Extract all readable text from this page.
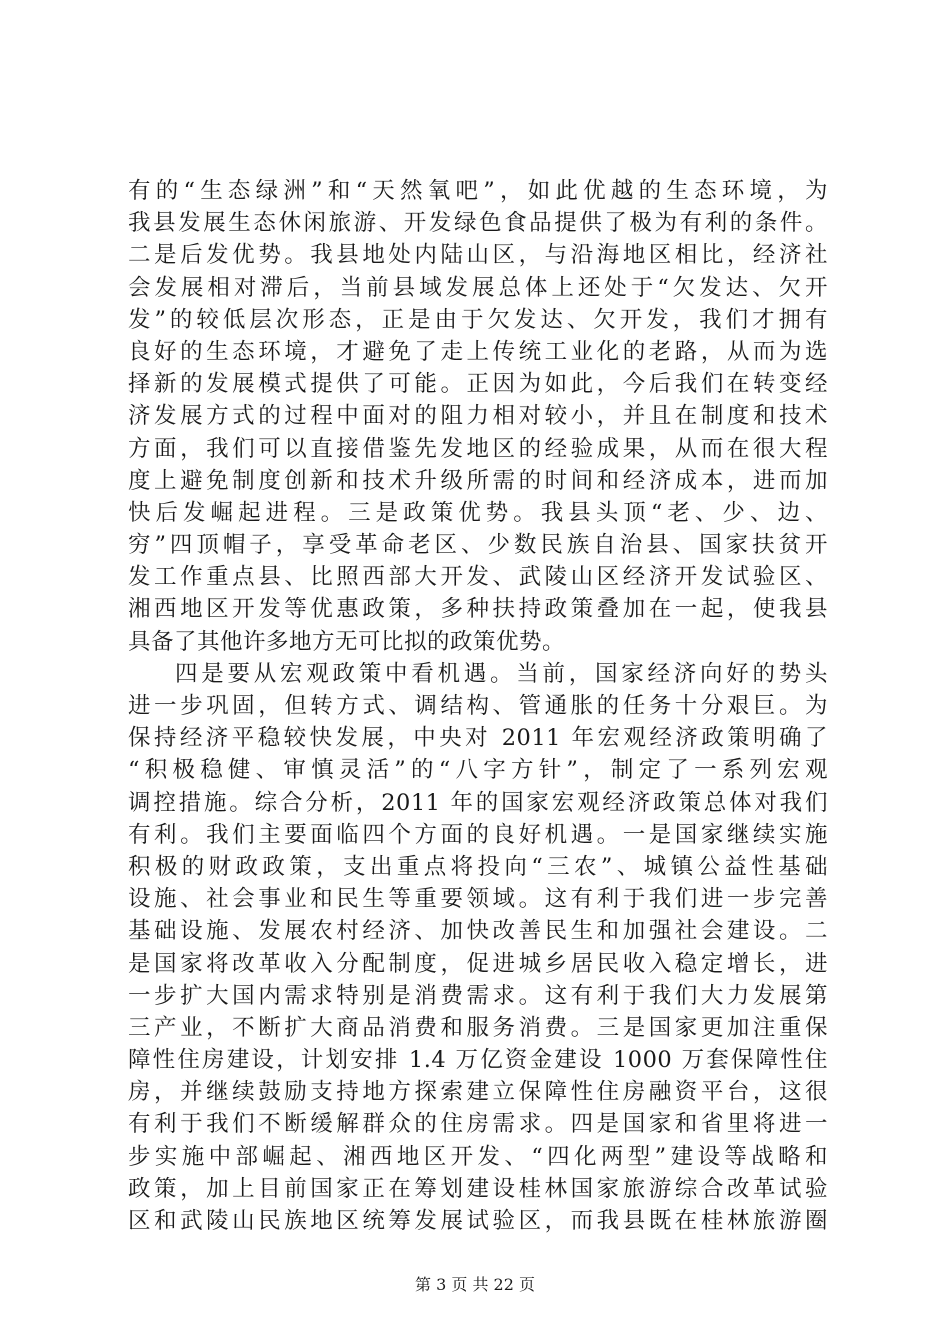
有的“生态绿洲”和“天然氧吧”，如此优越的生态环境，为
我县发展生态休闲旅游、开发绿色食品提供了极为有利的条件。
二是后发优势。我县地处内陆山区，与沿海地区相比，经济社
会发展相对滞后，当前县域发展总体上还处于“欠发达、欠开
发”的较低层次形态，正是由于欠发达、欠开发，我们才拥有
良好的生态环境，才避免了走上传统工业化的老路，从而为选
择新的发展模式提供了可能。正因为如此，今后我们在转变经
济发展方式的过程中面对的阻力相对较小，并且在制度和技术
方面，我们可以直接借鉴先发地区的经验成果，从而在很大程
度上避免制度创新和技术升级所需的时间和经济成本，进而加
快后发崛起进程。三是政策优势。我县头顶“老、少、边、
穷”四顶帽子，享受革命老区、少数民族自治县、国家扶贫开
发工作重点县、比照西部大开发、武陵山区经济开发试验区、
湘西地区开发等优惠政策，多种扶持政策叠加在一起，使我县
具备了其他许多地方无可比拟的政策优势。
四是要从宏观政策中看机遇。当前，国家经济向好的势头
进一步巩固，但转方式、调结构、管通胀的任务十分艰巨。为
保持经济平稳较快发展，中央对 2011 年宏观经济政策明确了
“积极稳健、审慎灵活”的“八字方针”，制定了一系列宏观
调控措施。综合分析，2011 年的国家宏观经济政策总体对我们
有利。我们主要面临四个方面的良好机遇。一是国家继续实施
积极的财政政策，支出重点将投向“三农”、城镇公益性基础
设施、社会事业和民生等重要领域。这有利于我们进一步完善
基础设施、发展农村经济、加快改善民生和加强社会建设。二
是国家将改革收入分配制度，促进城乡居民收入稳定增长，进
一步扩大国内需求特别是消费需求。这有利于我们大力发展第
三产业，不断扩大商品消费和服务消费。三是国家更加注重保
障性住房建设，计划安排 1.4 万亿资金建设 1000 万套保障性住
房，并继续鼓励支持地方探索建立保障性住房融资平台，这很
有利于我们不断缓解群众的住房需求。四是国家和省里将进一
步实施中部崛起、湘西地区开发、“四化两型”建设等战略和
政策，加上目前国家正在筹划建设桂林国家旅游综合改革试验
区和武陵山民族地区统筹发展试验区，而我县既在桂林旅游圈
第 3 页 共 22 页
